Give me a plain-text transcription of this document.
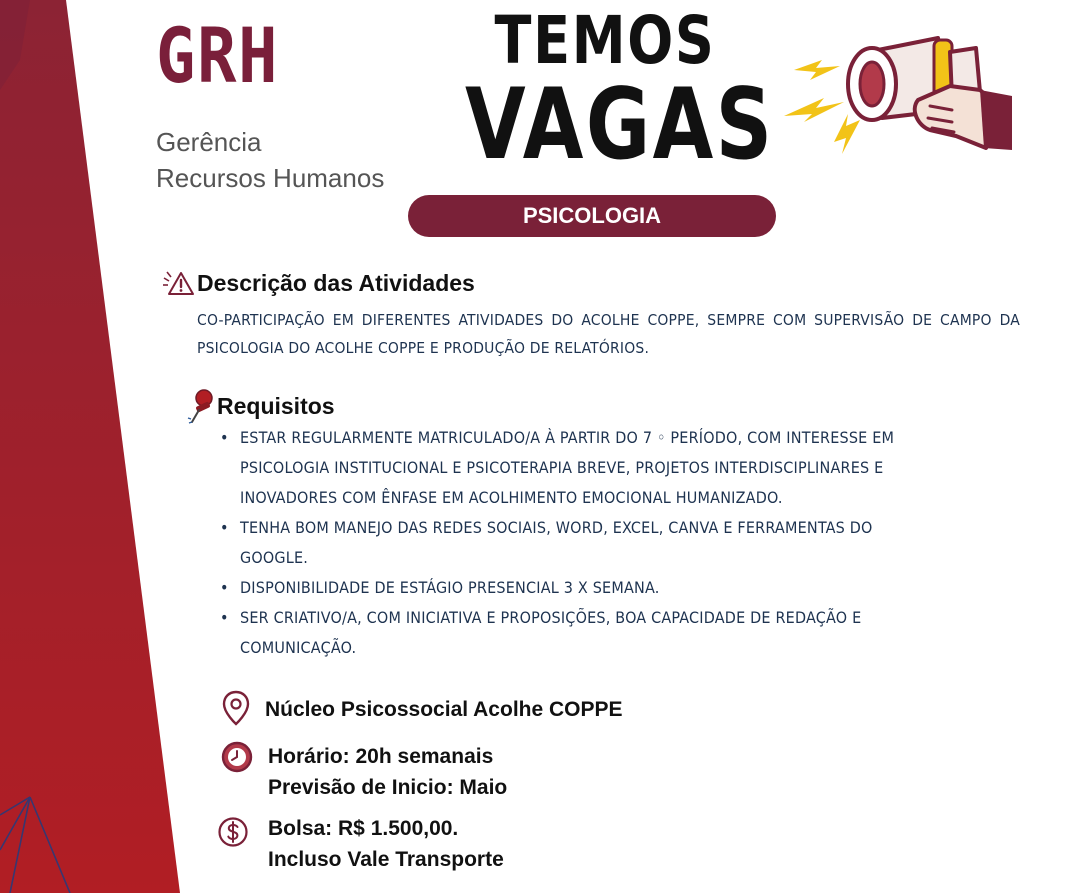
GRH
Gerência
Recursos Humanos
TEMOS
VAGAS
PSICOLOGIA
Descrição das Atividades
CO-PARTICIPAÇÃO EM DIFERENTES ATIVIDADES DO ACOLHE COPPE, SEMPRE COM SUPERVISÃO DE CAMPO DA PSICOLOGIA DO ACOLHE COPPE E PRODUÇÃO DE RELATÓRIOS.
Requisitos
• ESTAR REGULARMENTE MATRICULADO/A À PARTIR DO 7 ◦ PERÍODO, COM INTERESSE EM PSICOLOGIA INSTITUCIONAL E PSICOTERAPIA BREVE, PROJETOS INTERDISCIPLINARES E INOVADORES COM ÊNFASE EM ACOLHIMENTO EMOCIONAL HUMANIZADO.
• TENHA BOM MANEJO DAS REDES SOCIAIS, WORD, EXCEL, CANVA E FERRAMENTAS DO GOOGLE.
• DISPONIBILIDADE DE ESTÁGIO PRESENCIAL 3 X SEMANA.
• SER CRIATIVO/A, COM INICIATIVA E PROPOSIÇÕES, BOA CAPACIDADE DE REDAÇÃO E COMUNICAÇÃO.
Núcleo Psicossocial Acolhe COPPE
Horário: 20h semanais
Previsão de Inicio: Maio
Bolsa: R$ 1.500,00.
Incluso Vale Transporte
